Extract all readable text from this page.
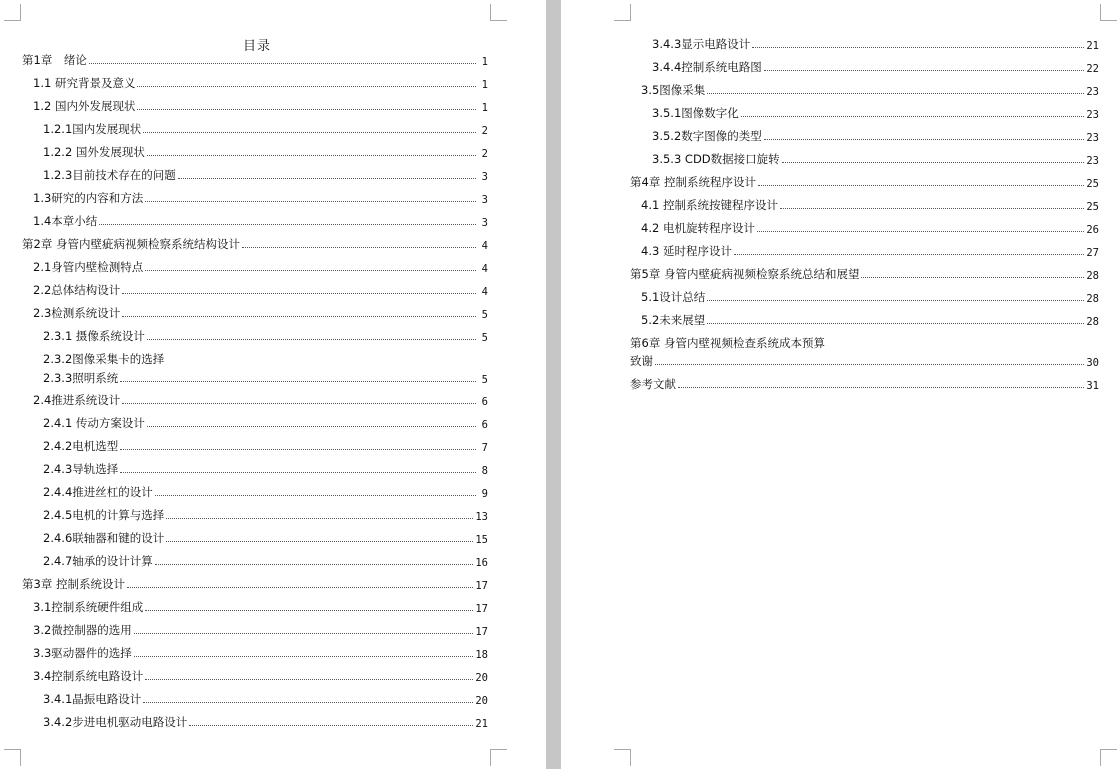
目录
第1章　绪论	1
1.1 研究背景及意义	1
1.2 国内外发展现状	1
1.2.1国内发展现状	2
1.2.2 国外发展现状	2
1.2.3目前技术存在的问题	3
1.3研究的内容和方法	3
1.4本章小结	3
第2章 身管内壁疵病视频检察系统结构设计	4
2.1身管内壁检测特点	4
2.2总体结构设计	4
2.3检测系统设计	5
2.3.1 摄像系统设计	5
2.3.2图像采集卡的选择
2.3.3照明系统	5
2.4推进系统设计	6
2.4.1 传动方案设计	6
2.4.2电机选型	7
2.4.3导轨选择	8
2.4.4推进丝杠的设计	9
2.4.5电机的计算与选择	13
2.4.6联轴器和键的设计	15
2.4.7轴承的设计计算	16
第3章 控制系统设计	17
3.1控制系统硬件组成	17
3.2微控制器的选用	17
3.3驱动器件的选择	18
3.4控制系统电路设计	20
3.4.1晶振电路设计	20
3.4.2步进电机驱动电路设计	21
3.4.3显示电路设计	21
3.4.4控制系统电路图	22
3.5图像采集	23
3.5.1图像数字化	23
3.5.2数字图像的类型	23
3.5.3 CDD数据接口旋转	23
第4章 控制系统程序设计	25
4.1 控制系统按键程序设计	25
4.2 电机旋转程序设计	26
4.3 延时程序设计	27
第5章 身管内壁疵病视频检察系统总结和展望	28
5.1设计总结	28
5.2未来展望	28
第6章 身管内壁视频检查系统成本预算
致谢	30
参考文献	31
